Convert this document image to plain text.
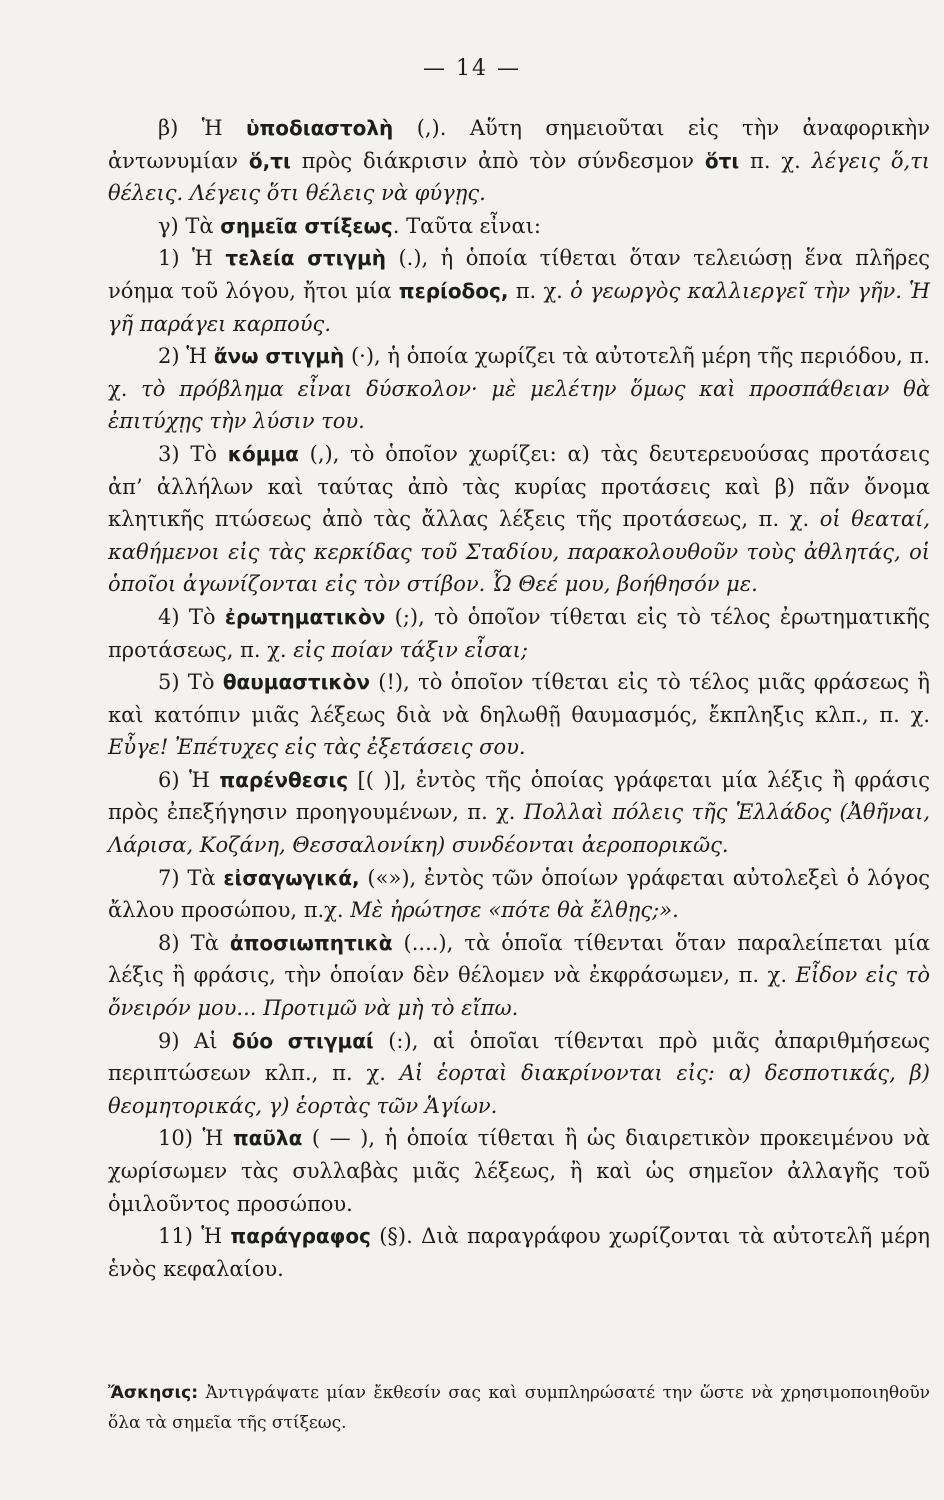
— 14 —

β) Ἡ ὑποδιαστολὴ (,). Αὕτη σημειοῦται εἰς τὴν ἀναφορικὴν ἀντωνυμίαν ὅ,τι πρὸς διάκρισιν ἀπὸ τὸν σύνδεσμον ὅτι π. χ. λέγεις ὅ,τι θέλεις. Λέγεις ὅτι θέλεις νὰ φύγῃς.

γ) Τὰ σημεῖα στίξεως. Ταῦτα εἶναι:

1) Ἡ τελεία στιγμὴ (.), ἡ ὁποία τίθεται ὅταν τελειώσῃ ἕνα πλῆρες νόημα τοῦ λόγου, ἤτοι μία περίοδος, π. χ. ὁ γεωργὸς καλλιεργεῖ τὴν γῆν. Ἡ γῆ παράγει καρπούς.

2) Ἡ ἄνω στιγμὴ (·), ἡ ὁποία χωρίζει τὰ αὐτοτελῆ μέρη τῆς περιόδου, π. χ. τὸ πρόβλημα εἶναι δύσκολον· μὲ μελέτην ὅμως καὶ προσπάθειαν θὰ ἐπιτύχῃς τὴν λύσιν του.

3) Τὸ κόμμα (,), τὸ ὁποῖον χωρίζει: α) τὰς δευτερευούσας προτάσεις ἀπ’ ἀλλήλων καὶ ταύτας ἀπὸ τὰς κυρίας προτάσεις καὶ β) πᾶν ὄνομα κλητικῆς πτώσεως ἀπὸ τὰς ἄλλας λέξεις τῆς προτάσεως, π. χ. οἱ θεαταί, καθήμενοι εἰς τὰς κερκίδας τοῦ Σταδίου, παρακολουθοῦν τοὺς ἀθλητάς, οἱ ὁποῖοι ἀγωνίζονται εἰς τὸν στίβον. Ὦ Θεέ μου, βοήθησόν με.

4) Τὸ ἐρωτηματικὸν (;), τὸ ὁποῖον τίθεται εἰς τὸ τέλος ἐρωτηματικῆς προτάσεως, π. χ. εἰς ποίαν τάξιν εἶσαι;

5) Τὸ θαυμαστικὸν (!), τὸ ὁποῖον τίθεται εἰς τὸ τέλος μιᾶς φράσεως ἢ καὶ κατόπιν μιᾶς λέξεως διὰ νὰ δηλωθῇ θαυμασμός, ἔκπληξις κλπ., π. χ. Εὖγε! Ἐπέτυχες εἰς τὰς ἐξετάσεις σου.

6) Ἡ παρένθεσις [( )], ἐντὸς τῆς ὁποίας γράφεται μία λέξις ἢ φράσις πρὸς ἐπεξήγησιν προηγουμένων, π. χ. Πολλαὶ πόλεις τῆς Ἑλλάδος (Ἀθῆναι, Λάρισα, Κοζάνη, Θεσσαλονίκη) συνδέονται ἀεροπορικῶς.

7) Τὰ εἰσαγωγικά, («»), ἐντὸς τῶν ὁποίων γράφεται αὐτολεξεὶ ὁ λόγος ἄλλου προσώπου, π.χ. Μὲ ἠρώτησε «πότε θὰ ἔλθῃς;».

8) Τὰ ἀποσιωπητικὰ (....), τὰ ὁποῖα τίθενται ὅταν παραλείπεται μία λέξις ἢ φράσις, τὴν ὁποίαν δὲν θέλομεν νὰ ἐκφράσωμεν, π. χ. Εἶδον εἰς τὸ ὄνειρόν μου... Προτιμῶ νὰ μὴ τὸ εἴπω.

9) Αἱ δύο στιγμαί (:), αἱ ὁποῖαι τίθενται πρὸ μιᾶς ἀπαριθμήσεως περιπτώσεων κλπ., π. χ. Αἱ ἑορταὶ διακρίνονται εἰς: α) δεσποτικάς, β) θεομητορικάς, γ) ἑορτὰς τῶν Ἁγίων.

10) Ἡ παῦλα ( — ), ἡ ὁποία τίθεται ἢ ὡς διαιρετικὸν προκειμένου νὰ χωρίσωμεν τὰς συλλαβὰς μιᾶς λέξεως, ἢ καὶ ὡς σημεῖον ἀλλαγῆς τοῦ ὁμιλοῦντος προσώπου.

11) Ἡ παράγραφος (§). Διὰ παραγράφου χωρίζονται τὰ αὐτοτελῆ μέρη ἑνὸς κεφαλαίου.

Ἄσκησις: Ἀντιγράψατε μίαν ἔκθεσίν σας καὶ συμπληρώσατέ την ὥστε νὰ χρησιμοποιηθοῦν ὅλα τὰ σημεῖα τῆς στίξεως.
